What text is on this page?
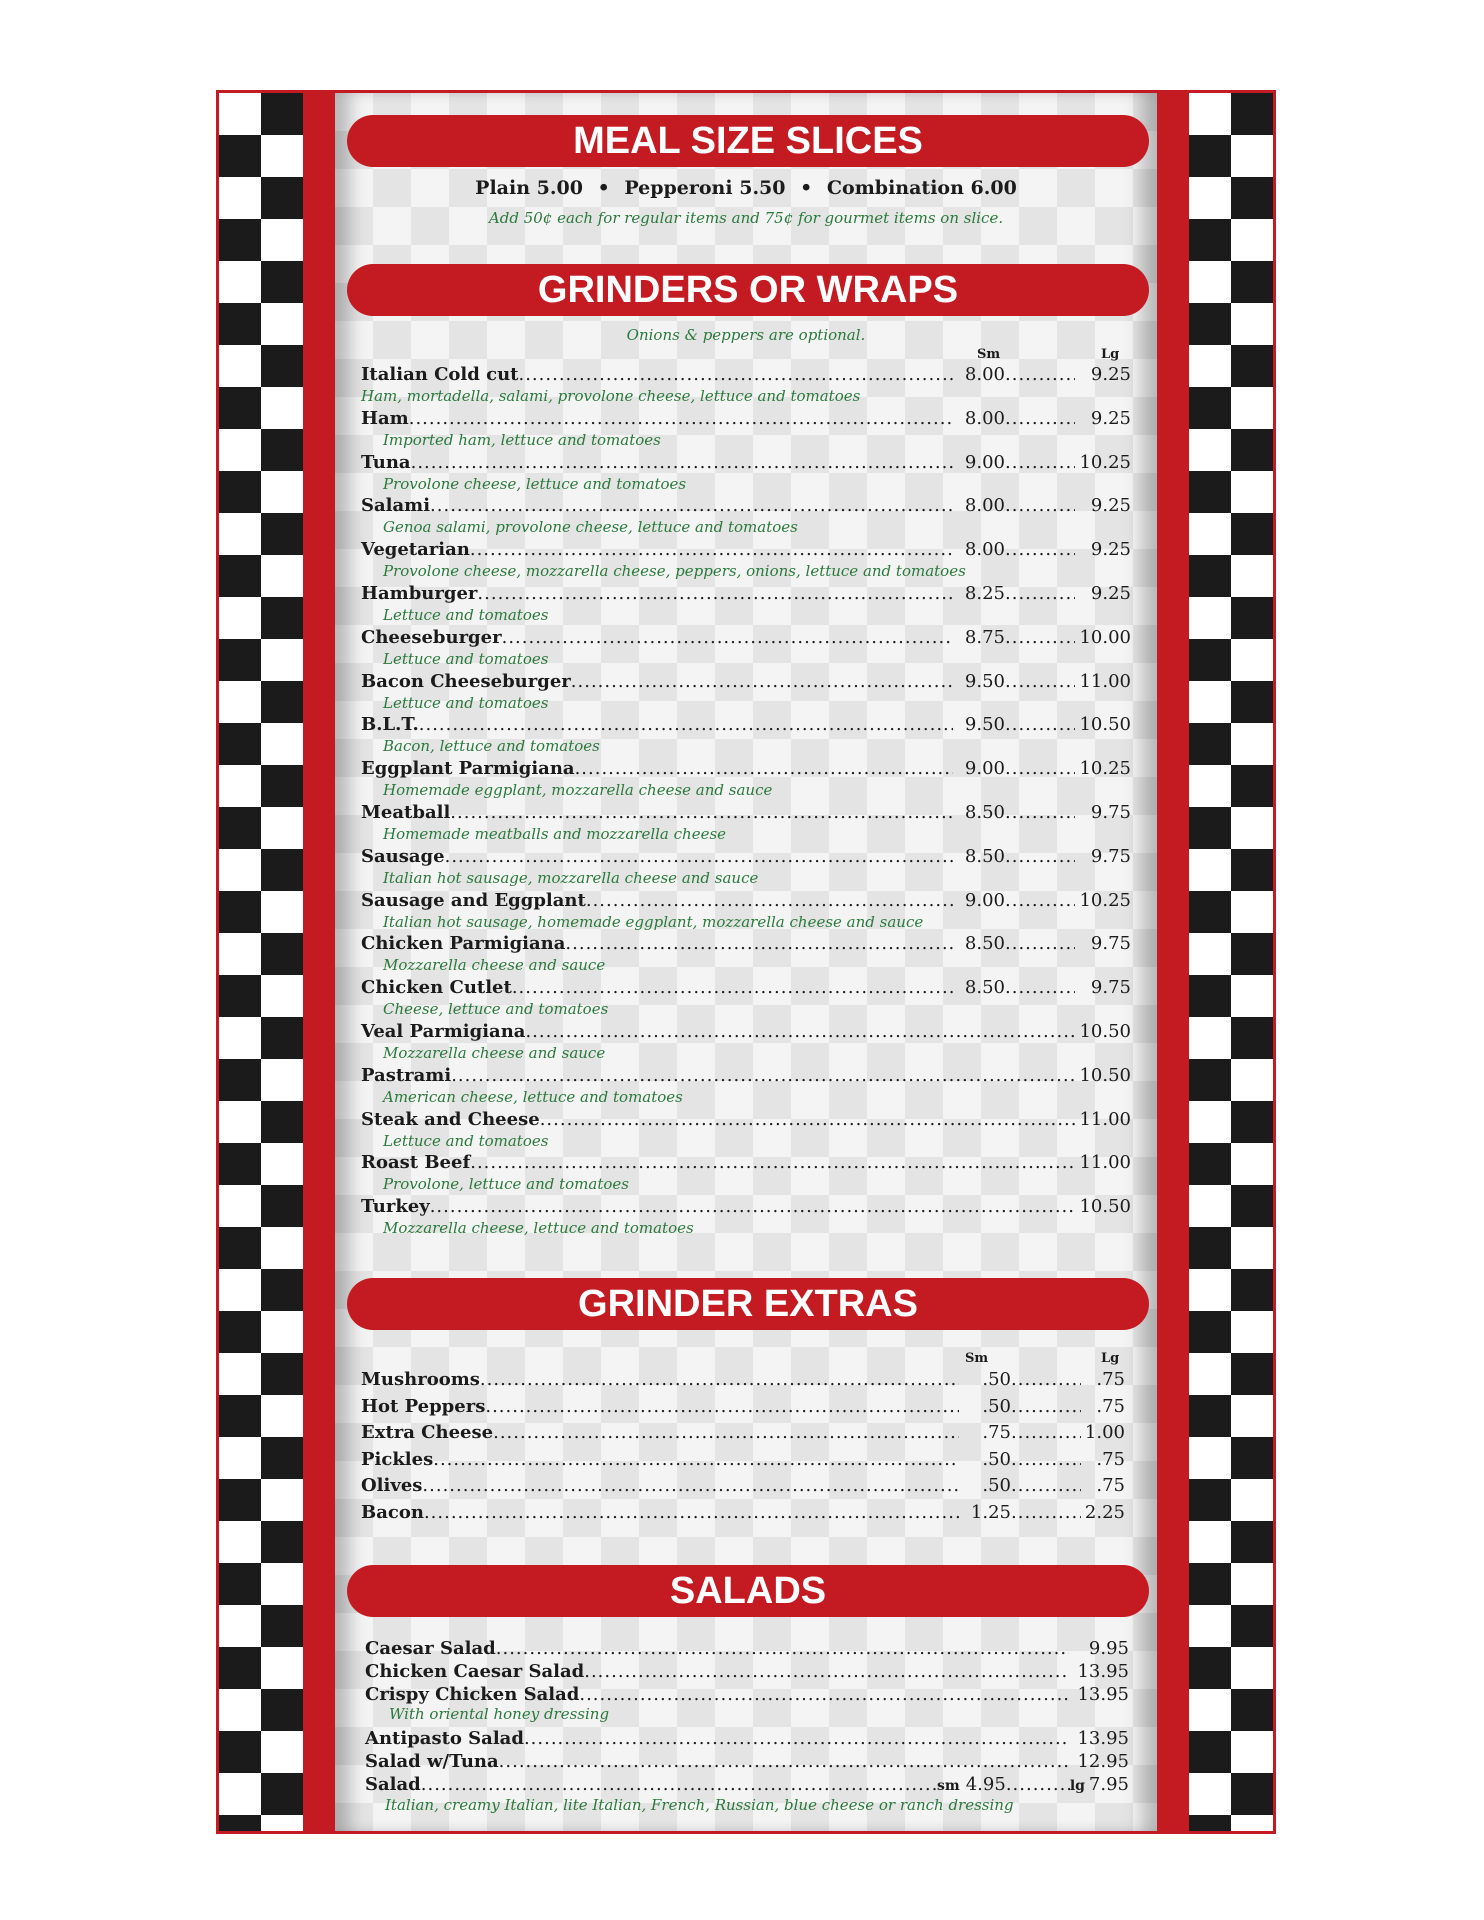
MEAL SIZE SLICES
Plain 5.00 • Pepperoni 5.50 • Combination 6.00
Add 50¢ each for regular items and 75¢ for gourmet items on slice.
GRINDERS OR WRAPS
Onions & peppers are optional.
Sm	Lg
Italian Cold cut .....	8.00 .....	9.25
Ham, mortadella, salami, provolone cheese, lettuce and tomatoes
Ham .....	8.00 .....	9.25
Imported ham, lettuce and tomatoes
Tuna .....	9.00 .....	10.25
Provolone cheese, lettuce and tomatoes
Salami .....	8.00 .....	9.25
Genoa salami, provolone cheese, lettuce and tomatoes
Vegetarian .....	8.00 .....	9.25
Provolone cheese, mozzarella cheese, peppers, onions, lettuce and tomatoes
Hamburger .....	8.25 .....	9.25
Lettuce and tomatoes
Cheeseburger .....	8.75 .....	10.00
Lettuce and tomatoes
Bacon Cheeseburger .....	9.50 .....	11.00
Lettuce and tomatoes
B.L.T. .....	9.50 .....	10.50
Bacon, lettuce and tomatoes
Eggplant Parmigiana .....	9.00 .....	10.25
Homemade eggplant, mozzarella cheese and sauce
Meatball .....	8.50 .....	9.75
Homemade meatballs and mozzarella cheese
Sausage .....	8.50 .....	9.75
Italian hot sausage, mozzarella cheese and sauce
Sausage and Eggplant .....	9.00 .....	10.25
Italian hot sausage, homemade eggplant, mozzarella cheese and sauce
Chicken Parmigiana .....	8.50 .....	9.75
Mozzarella cheese and sauce
Chicken Cutlet .....	8.50 .....	9.75
Cheese, lettuce and tomatoes
Veal Parmigiana .....	10.50
Mozzarella cheese and sauce
Pastrami .....	10.50
American cheese, lettuce and tomatoes
Steak and Cheese .....	11.00
Lettuce and tomatoes
Roast Beef .....	11.00
Provolone, lettuce and tomatoes
Turkey .....	10.50
Mozzarella cheese, lettuce and tomatoes
GRINDER EXTRAS
Sm	Lg
Mushrooms .....	.50 .....	.75
Hot Peppers .....	.50 .....	.75
Extra Cheese .....	.75 .....	1.00
Pickles .....	.50 .....	.75
Olives .....	.50 .....	.75
Bacon .....	1.25 .....	2.25
SALADS
Caesar Salad .....	9.95
Chicken Caesar Salad .....	13.95
Crispy Chicken Salad .....	13.95
With oriental honey dressing
Antipasto Salad .....	13.95
Salad w/Tuna .....	12.95
Salad .....	sm 4.95 .....	lg 7.95
Italian, creamy Italian, lite Italian, French, Russian, blue cheese or ranch dressing
